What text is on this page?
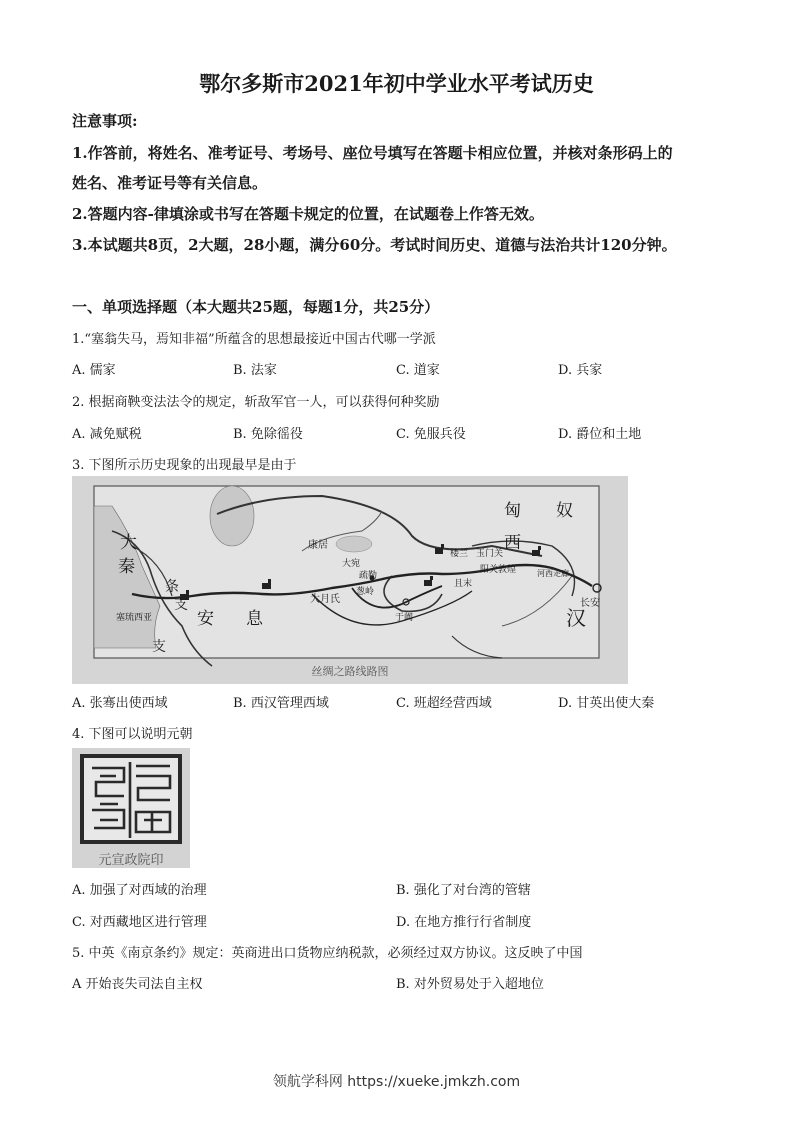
鄂尔多斯市2021年初中学业水平考试历史
注意事项:
1.作答前，将姓名、准考证号、考场号、座位号填写在答题卡相应位置，并核对条形码上的
姓名、准考证号等有关信息。
2.答题内容-律填涂或书写在答题卡规定的位置，在试题卷上作答无效。
3.本试题共8页，2大题，28小题，满分60分。考试时间历史、道德与法治共计120分钟。
一、单项选择题（本大题共25题，每题1分，共25分）
1.“塞翁失马，焉知非福”所蕴含的思想最接近中国古代哪一学派
A. 儒家	B. 法家	C. 道家	D. 兵家
2. 根据商鞅变法法令的规定，斩敌军官一人，可以获得何种奖励
A. 减免赋税	B. 免除徭役	C. 免服兵役	D. 爵位和土地
3. 下图所示历史现象的出现最早是由于
大
秦
条
支
安 息
塞琉西亚
支
康居
大宛
大月氏
疏勒
葱岭
于阗
楼兰 玉门关
阳关 敦煌
且末
河西走廊
长安
匈 奴
西
汉
丝绸之路线路图
A. 张骞出使西域	B. 西汉管理西域	C. 班超经营西域	D. 甘英出使大秦
4. 下图可以说明元朝
元宣政院印
A. 加强了对西域的治理	B. 强化了对台湾的管辖
C. 对西藏地区进行管理	D. 在地方推行行省制度
5. 中英《南京条约》规定：英商进出口货物应纳税款，必须经过双方协议。这反映了中国
A 开始丧失司法自主权	B. 对外贸易处于入超地位
领航学科网 https://xueke.jmkzh.com
